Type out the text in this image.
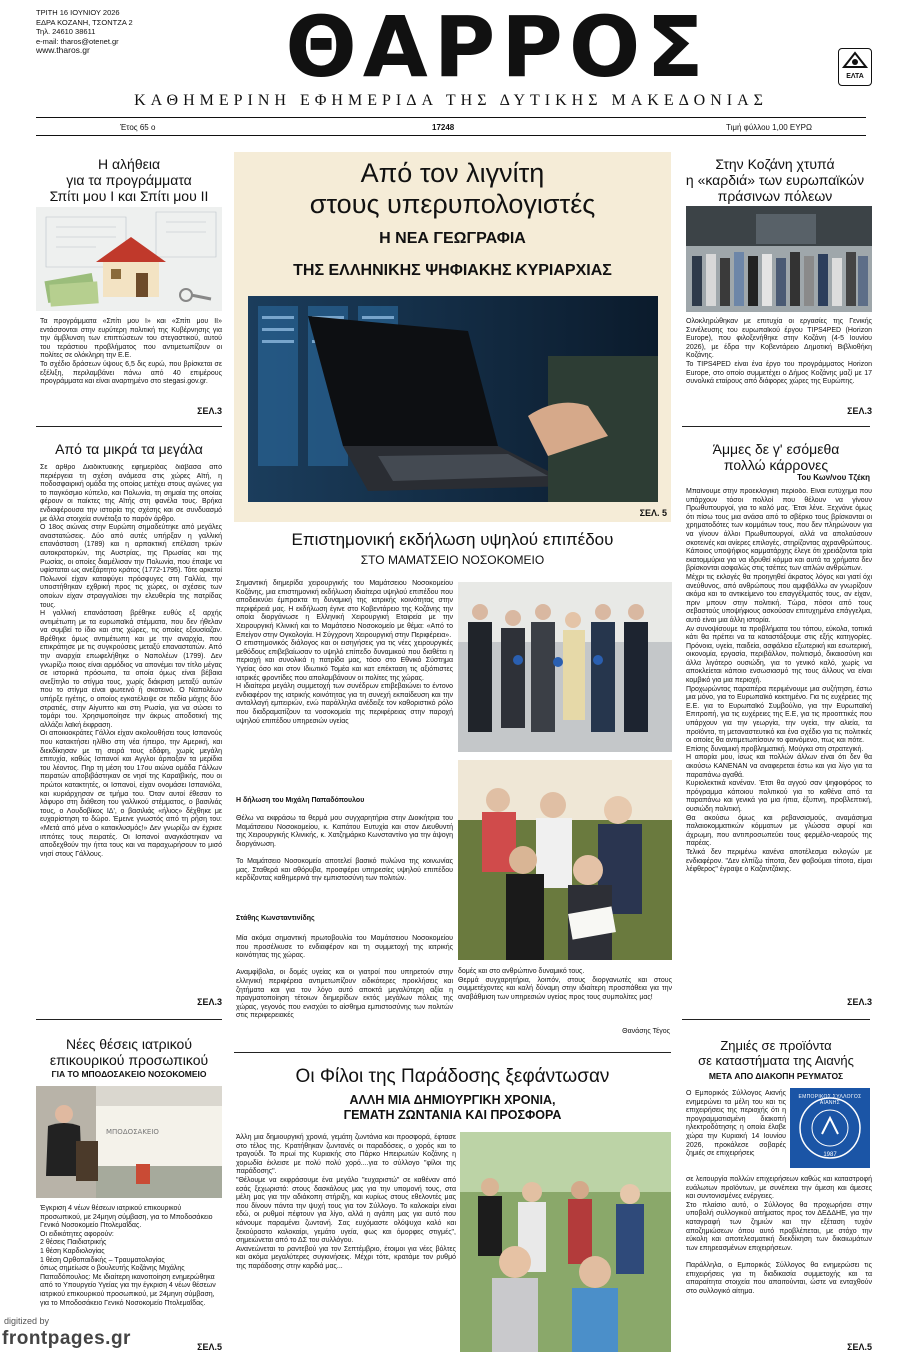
ΤΡΙΤΗ 16 ΙΟΥΝΙΟΥ 2026
ΕΔΡΑ ΚΟΖΑΝΗ, ΤΣΟΝΤΖΑ 2
Τηλ. 24610 38611
e-mail: tharos@otenet.gr
www.tharos.gr	ΘΑΡΡΟΣ	ΕΛΤΑ
ΚΑΘΗΜΕΡΙΝΗ ΕΦΗΜΕΡΙΔΑ ΤΗΣ ΔΥΤΙΚΗΣ ΜΑΚΕΔΟΝΙΑΣ
Έτος 65 ο	17248	Τιμή φύλλου 1,00 ΕΥΡΩ
Η αλήθεια
για τα προγράμματα
Σπίτι μου Ι και Σπίτι μου ΙΙ
Τα προγράμματα «Σπίτι μου Ι» και «Σπίτι μου ΙΙ» εντάσσονται στην ευρύτερη πολιτική της Κυβέρνησης για την άμβλυνση των επιπτώσεων του στεγαστικού, αυτού του τεράστιου προβλήματος που αντιμετωπίζουν οι πολίτες σε ολόκληρη την Ε.Ε.
Το σχέδιο δράσεων ύψους 6,5 δις ευρώ, που βρίσκεται σε εξέλιξη, περιλαμβάνει πάνω από 40 επιμέρους προγράμματα και είναι αναρτημένο στο stegasi.gov.gr.
ΣΕΛ.3
Από τα μικρά τα μεγάλα
Σε άρθρο Διαδικτυακής εφημερίδας διάβασα από περιέργεια τη σχέση ανάμεσα στις χώρες Αϊτή, η ποδοσφαιρική ομάδα της οποίας μετέχει στους αγώνες για το παγκόσμιο κύπελο, και Πολωνία, τη σημαία της οποίας φέρουν οι παίκτες της Αϊτής στη φανέλα τους. Βρήκα ενδιαφέρουσα την ιστορία της σχέσης και σε συνδυασμό με άλλα στοιχεία συνέταξα το παρόν άρθρο.
Ο 18ος αιώνας στην Ευρώπη σημαδεύτηκε από μεγάλες αναστατώσεις. Δύο από αυτές υπήρξαν η γαλλική επανάσταση (1789) και η αρπακτική επέλαση τριών αυτοκρατοριών, της Αυστρίας, της Πρωσίας και της Ρωσίας, οι οποίες διαμέλισαν την Πολωνία, που έπαψε να υφίσταται ως ανεξάρτητο κράτος (1772-1795). Τότε αρκετοί Πολωνοί είχαν καταφύγει πρόσφυγες στη Γαλλία, την υποστήθηκαν εχθρική προς τις χώρες, οι σχέσεις των οποίων είχαν στραγγαλίσει την ελευθερία της πατρίδας τους.
Η γαλλική επανάσταση βρέθηκε ευθύς εξ αρχής αντιμέτωπη με τα ευρωπαϊκά στέμματα, που δεν ήθελαν να συμβεί το ίδιο και στις χώρες, τις οποίες εξουσίαζαν. Βρέθηκε όμως αντιμέτωπη και με την αναρχία, που επικράτησε με τις συγκρούσεις μεταξύ επαναστατών. Από την αναρχία επωφελήθηκε ο Ναπολέων (1799). Δεν γνωρίζω ποιος είναι αρμόδιος να απονέμει τον τίτλο μέγας σε ιστορικά πρόσωπα, τα οποία όμως είναι βέβαια ανεξίτηλο το στίγμα τους, χωρίς διάκριση μεταξύ αυτών που το στίγμα είναι φωτεινό ή σκοτεινό. Ο Ναπολέων υπήρξε ηγέτης, ο οποίος εγκατέλειψε σε πεδία μάχης δύο στρατιές, στην Αίγυπτο και στη Ρωσία, για να σώσει το τομάρι του. Χρησιμοποίησε την άκρως αποδοτική της αλλάζει λαϊκή έκφραση.
Οι αποικιοκράτες Γάλλοι είχαν ακολουθήσει τους Ισπανούς που κατακτήσει ηλίθιο στη νέα ήπειρο, την Αμερική, και διεκδίκησαν με τη σειρά τους εδάφη, χωρίς μεγάλη επιτυχία, καθώς Ισπανοί και Αγγλοι άρπαξαν τα μερίδια του λέοντος. Πηρ τη μέση του 17ου αιώνα ομάδα Γάλλων πειρατών αποβιβάστηκαν σε νησί της Καραϊβικής, που οι πρώτοι κατακτητές, οι Ισπανοί, είχαν ονομάσει Ισπανιόλα, και κυριάρχησαν σε τμήμα του. Όταν αυτοί έθεσαν το λάφυρο στη διάθεση του γαλλικού στέμματος, ο βασιλιάς τους, ο Λουδοβίκος ΙΔ', ο βασιλιάς «ήλιος» δέχθηκε με ευχαρίστηση το δώρο. Έμεινε γνωστός από τη ρήση του: «Μετά από μένα ο κατακλυσμός!» Δεν γνωρίζω αν έχρισε ιππότες τους πειρατές. Οι Ισπανοί αναγκάστηκαν να αποδεχθούν την ήττα τους και να παραχωρήσουν το μισό νησί στους Γάλλους.
ΣΕΛ.3
Νέες θέσεις ιατρικού
επικουρικού προσωπικού
ΓΙΑ ΤΟ ΜΠΟΔΟΣΑΚΕΙΟ ΝΟΣΟΚΟΜΕΙΟ
ΜΠΟΔΟΣΑΚΕΙΟ
Έγκριση 4 νέων θέσεων ιατρικού επικουρικού προσωπικού, με 24μηνη σύμβαση, για το Μποδοσάκειο Γενικό Νοσοκομείο Πτολεμαΐδας.
Οι ειδικότητες αφορούν:
2 θέσεις Παιδιατρικής
1 θέση Καρδιολογίας
1 θέση Ορθοπαιδικής – Τραυματολογίας
όπως σημείωσε ο βουλευτής Κοζάνης Μιχάλης Παπαδόπουλος: Με ιδιαίτερη ικανοποίηση ενημερώθηκα από το Υπουργείο Υγείας για την έγκριση 4 νέων θέσεων ιατρικού επικουρικού προσωπικού, με 24μηνη σύμβαση, για το Μποδοσάκειο Γενικό Νοσοκομείο Πτολεμαΐδας.
ΣΕΛ.5
Από τον λιγνίτη
στους υπερυπολογιστές
Η ΝΕΑ ΓΕΩΓΡΑΦΙΑ
ΤΗΣ ΕΛΛΗΝΙΚΗΣ ΨΗΦΙΑΚΗΣ ΚΥΡΙΑΡΧΙΑΣ
ΣΕΛ. 5
Επιστημονική εκδήλωση υψηλού επιπέδου
ΣΤΟ ΜΑΜΑΤΣΕΙΟ ΝΟΣΟΚΟΜΕΙΟ
Σημαντική διημερίδα χειρουργικής του Μαμάτσειου Νοσοκομείου Κοζάνης, μια επιστημονική εκδήλωση ιδιαίτερα υψηλού επιπέδου που αποδεικνύει έμπρακτα τη δυναμική της ιατρικής κοινότητας στην περιφέρειά μας. Η εκδήλωση έγινε στο Κοβεντάρειο της Κοζάνης την οποία διοργάνωσε η Ελληνική Χειρουργική Εταιρεία με την Χειρουργική Κλινική και το Μαμάτσειο Νοσοκομείο με θέμα: «Από το Επείγον στην Ογκολογία. Η Σύγχρονη Χειρουργική στην Περιφέρεια».
Ο επιστημονικός διάλογος και οι εισηγήσεις για τις νέες χειρουργικές μεθόδους επιβεβαίωσαν το υψηλό επίπεδο δυναμικού που διαθέτει η περιοχή και συνολικά η πατρίδα μας, τόσο στο Εθνικό Σύστημα Υγείας όσο και στον Ιδιωτικό Τομέα και κατ επέκταση τις αξιόπιστες ιατρικές φροντίδες που απολαμβάνουν οι πολίτες της χώρας.
Η ιδιαίτερα μεγάλη συμμετοχή των συνέδρων επιβεβαιώνει το έντονο ενδιαφέρον της ιατρικής κοινότητας για τη συνεχή εκπαίδευση και την ανταλλαγή εμπειριών, ενώ παράλληλα ανέδειξε τον καθοριστικό ρόλο που διαδραματίζουν τα νοσοκομεία της περιφέρειας στην παροχή υψηλού επιπέδου υπηρεσιών υγείας
Η δήλωση του Μιχάλη Παπαδόπουλου
Θέλω να εκφράσω τα θερμά μου συγχαρητήρια στην Διοικήτρια του Μαμάτσειου Νοσοκομείου, κ. Καπάτου Ευτυχία και στον Διευθυντή της Χειρουργικής Κλινικής, κ. Χατζημάρκο Κωνσταντίνο για την άψογη διοργάνωση.

Το Μαμάτσειο Νοσοκομείο αποτελεί βασικό πυλώνα της κοινωνίας μας. Σταθερά και αθόρυβα, προσφέρει υπηρεσίες υψηλού επιπέδου κερδίζοντας καθημερινά την εμπιστοσύνη των πολιτών.
Στάθης Κωνσταντινίδης
Μία ακόμα σημαντική πρωτοβουλία του Μαμάτσειου Νοσοκομείου που προσέλκυσε το ενδιαφέρον και τη συμμετοχή της ιατρικής κοινότητας της χώρας.

Αναμφίβολα, οι δομές υγείας και οι γιατροί που υπηρετούν στην ελληνική περιφέρεια αντιμετωπίζουν ειδικότερες προκλήσεις και ζητήματα και για τον λόγο αυτό αποκτά μεγαλύτερη αξία η πραγματοποίηση τέτοιων διημερίδων εκτός μεγάλων πόλεις της χώρας, γεγονός που ενισχύει το αίσθημα εμπιστοσύνης των πολιτών στις περιφερειακές
δομές και στο ανθρώπινο δυναμικό τους.
Θερμά συγχαρητήρια, λοιπόν, στους διοργανωτές και στους συμμετέχοντες και καλή δύναμη στην ιδιαίτερη προσπάθεια για την αναβάθμιση των υπηρεσιών υγείας προς τους συμπολίτες μας!
Θανάσης Τέγος
Οι Φίλοι της Παράδοσης ξεφάντωσαν
ΑΛΛΗ ΜΙΑ ΔΗΜΙΟΥΡΓΙΚΗ ΧΡΟΝΙΑ,
ΓΕΜΑΤΗ ΖΩΝΤΑΝΙΑ ΚΑΙ ΠΡΟΣΦΟΡΑ
Άλλη μια δημιουργική χρονιά, γεμάτη ζωντάνια και προσφορά, έφτασε στο τέλος της. Κρατήθηκαν ζωντανές οι παραδόσεις, ο χορός και το τραγούδι. Το πρωί της Κυριακής στο Πάρκο Ηπειρωτών Κοζάνης η χορωδία έκλεισε με πολύ πολύ χορό....για το σύλλογο "φίλοι της παράδοσης".
"Θέλουμε να εκφράσουμε ένα μεγάλο "ευχαριστώ" σε καθέναν από εσάς ξεχωριστά: στους δασκάλους μας για την υπομονή τους, στα μέλη μας για την αδιάκοπη στήριξη, και κυρίως στους εθελοντές μας που δίνουν πάντα την ψυχή τους για τον Σύλλογο. Το καλοκαίρι είναι εδώ, οι ρυθμοί πέφτουν για λίγο, αλλά η αγάπη μας για αυτό που κάνουμε παραμένει ζωντανή. Σας ευχόμαστε ολόψυχα καλό και ξεκούραστο καλοκαίρι, γεμάτο υγεία, φως και όμορφες στιγμές", σημειώνεται από το ΔΣ του συλλόγου.
Ανανεώνεται το ραντεβού για τον Σεπτέμβριο, έτοιμοι για νέες βόλτες και ακόμα μεγαλύτερες συγκινήσεις. Μέχρι τότε, κρατάμε τον ρυθμό της παράδοσης στην καρδιά μας...
Στην Κοζάνη χτυπά
η «καρδιά» των ευρωπαϊκών
πράσινων πόλεων
Ολοκληρώθηκαν με επιτυχία οι εργασίες της Γενικής Συνέλευσης του ευρωπαϊκού έργου TIPS4PED (Horizon Europe), που φιλοξενήθηκε στην Κοζάνη (4-5 Ιουνίου 2026), με έδρα την Κοβεντάρειο Δημοτική Βιβλιοθήκη Κοζάνης.
Το TIPS4PED είναι ένα έργο του προγράμματος Horizon Europe, στο οποίο συμμετέχει ο Δήμος Κοζάνης μαζί με 17 συνολικά εταίρους από διάφορες χώρες της Ευρώπης.
ΣΕΛ.3
Άμμες δε γ' εσόμεθα
πολλώ κάρρονες
Του Κων/νου Τζέκη
Μπαίνουμε στην προεκλογική περίοδο. Είναι ευτύχημα που υπάρχουν τόσοι πολλοί που θέλουν να γίνουν Πρωθυπουργοί, για το καλό μας. Έτσι λένε. Ξεχνάνε όμως ότι πίσω τους μια ανάσα από το σβέρκο τους βρίσκονται οι χρηματοδότες των κομμάτων τους, που δεν πληρώνουν για να γίνουν άλλοι Πρωθυπουργοί, αλλά να απολαύσουν σκοτεινές και ανίερες επιλογές, στηρίζοντας αχρανθρώπους.
Κάποιος υποψήφιος καμματάρχης έλεγε ότι χρειάζονται τρία εκατομμύρια για να ιδρυθεί κόμμα και αυτά τα χρήματα δεν βρίσκονται ασφαλώς στις τσέπες των απλών ανθρώπων.
Μέχρι τις εκλογές θα προηγηθεί άκρατος λόγος και γιατί όχι ανεύθυνος, από ανθρώπους που αμφιβάλλω αν γνωρίζουν ακόμα και το αντικείμενο του επαγγέλματός τους, αν είχαν, πριν μπουν στην πολιτική. Τώρα, πόσοι από τους σεβαστούς υποψήφιους ασκούσαν επιτυχημένα επάγγελμα, αυτό είναι μια άλλη ιστορία.
Αν συνοψίσουμε τα προβλήματα του τόπου, εύκολα, τοπικά κάτι θα πρέπει να τα καταστάξουμε στις εξής κατηγορίες. Πρόνοια, υγεία, παιδεία, ασφάλεια εξωτερική και εσωτερική, οικονομία, εργασία, περιβάλλον, πολιτισμό, δικαιοσύνη και άλλα λιγότερο ουσιώδη, για το γενικό καλό, χωρίς να αποκλείεται κάποιο ενσωσιασμό της τους άλλους να είναι κομβικό για μια περιοχή.
Προχωρώντας παραπέρα περιμένουμε μια συζήτηση, έστω μια μόνο, για το Ευρωπαϊκό κεκτημένο. Για τις ευχέρειες της Ε.Ε. για το Ευρωπαϊκό Συμβούλιο, για την Ευρωπαϊκή Επιτροπή, για τις ευχέρειες της Ε.Ε, για τις προοπτικές που υπάρχουν για την γεωργία, την υγεία, την αλιεία, τα προϊόντα, τη μεταναστευτικό και ένα σχέδιο για τις πολιτικές οι οποίες θα αντιμετωπίσουν το φαινόμενο, πως και πότε.
Επίσης δυναμική προβληματική. Μούγκα στη στρατεγική.
Η απορία μου, ίσως και πολλών άλλων είναι ότι δεν θα ακούσω ΚΑΝΕΝΑΝ να αναφερεται έστω και για λίγο για τα παραπάνω αγαθά.
Κυριολεκτικά κανέναν. Έτσι θα αγγού σαν ψηφοφόρος το πρόγραμμα κάποιου πολιτικού για το καθένα από τα παραπάνω και γενικά για μια ήπια, έξυπνη, προβλεπτική, ουσιώδη πολιτική.
Θα ακούσω όμως και ρεβανσισμούς, αναμάσημα παλαιοκομματικών κόμματων με γλώσσα σφυρί και άχρωμη, που αντιπροσωπεύει τους φερμέλο-νεαρούς της παρέας.
Τελικά δεν περιμένω κανένα αποτέλεσμα εκλογών με ενδιαφέρον. "Δεν ελπίζω τίποτα, δεν φοβούμαι τίποτα, είμαι λέφθερος" έγραψε ο Καζαντζάκης.
ΣΕΛ.3
Ζημιές σε προϊόντα
σε καταστήματα της Αιανής
ΜΕΤΑ ΑΠΟ ΔΙΑΚΟΠΗ ΡΕΥΜΑΤΟΣ
Ο Εμπορικός Σύλλογος Αιανής ενημερώνει τα μέλη του και τις επιχειρήσεις της περιοχής ότι η προγραμματισμένη διακοπή ηλεκτροδότησης η οποία έλαβε χώρα την Κυριακή 14 Ιουνίου 2026, προκάλεσε σοβαρές ζημιές σε επιχειρήσεις
ΕΜΠΟΡΙΚΟΣ ΣΥΛΛΟΓΟΣ ΑΙΑΝΗΣ
1987
σε λειτουργία πολλών επιχειρήσεων καθώς και καταστροφή ευάλωτων προϊόντων, με συνέπεια την άμεση και άμεσες και συντονισμένες ενέργειες.
Στο πλαίσιο αυτό, ο Σύλλογος θα προχωρήσει στην υποβολή συλλογικού αιτήματος προς τον ΔΕΔΔΗΕ, για την καταγραφή των ζημιών και την εξέταση τυχόν αποζημιώσεων όπου αυτό προβλέπεται, με στόχο την εύκολη και αποτελεσματική διεκδίκηση των δικαιωμάτων των επηρεασμένων επιχειρήσεων.

Παράλληλα, ο Εμπορικός Σύλλογος θα ενημερώσει τις επιχειρήσεις για τη διαδικασία συμμετοχής και τα απαραίτητα στοιχεία που απαιτούνται, ώστε να ενταχθούν στο συλλογικό αίτημα.
ΣΕΛ.5
digitized by
frontpages.gr
